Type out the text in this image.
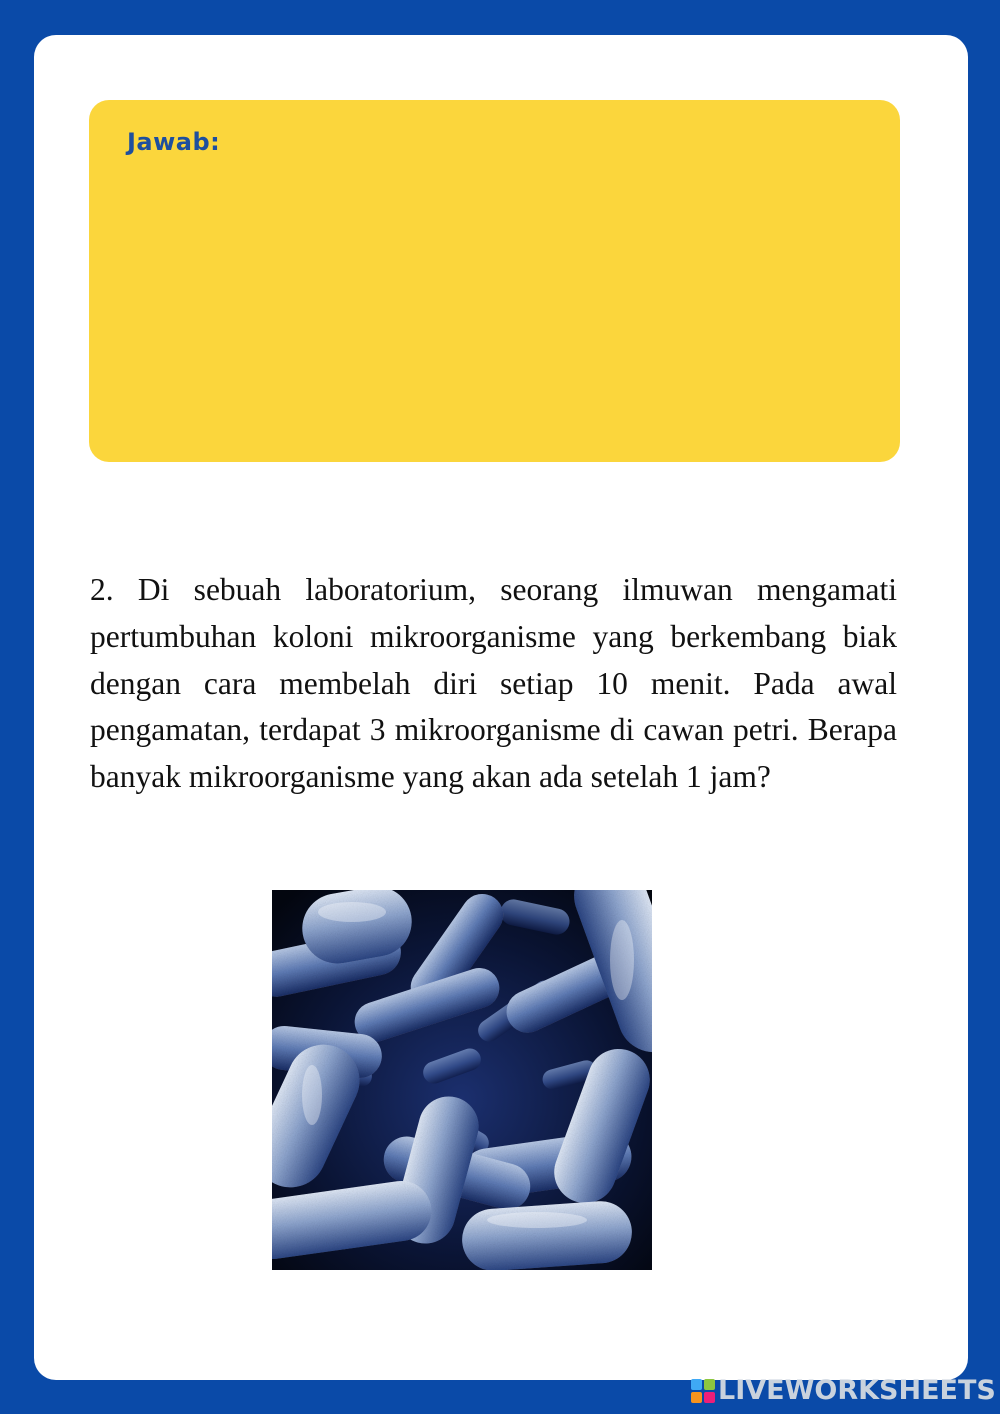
Jawab:

2. Di sebuah laboratorium, seorang ilmuwan mengamati pertumbuhan koloni mikroorganisme yang berkembang biak dengan cara membelah diri setiap 10 menit. Pada awal pengamatan, terdapat 3 mikroorganisme di cawan petri. Berapa banyak mikroorganisme yang akan ada setelah 1 jam?

LIVEWORKSHEETS
